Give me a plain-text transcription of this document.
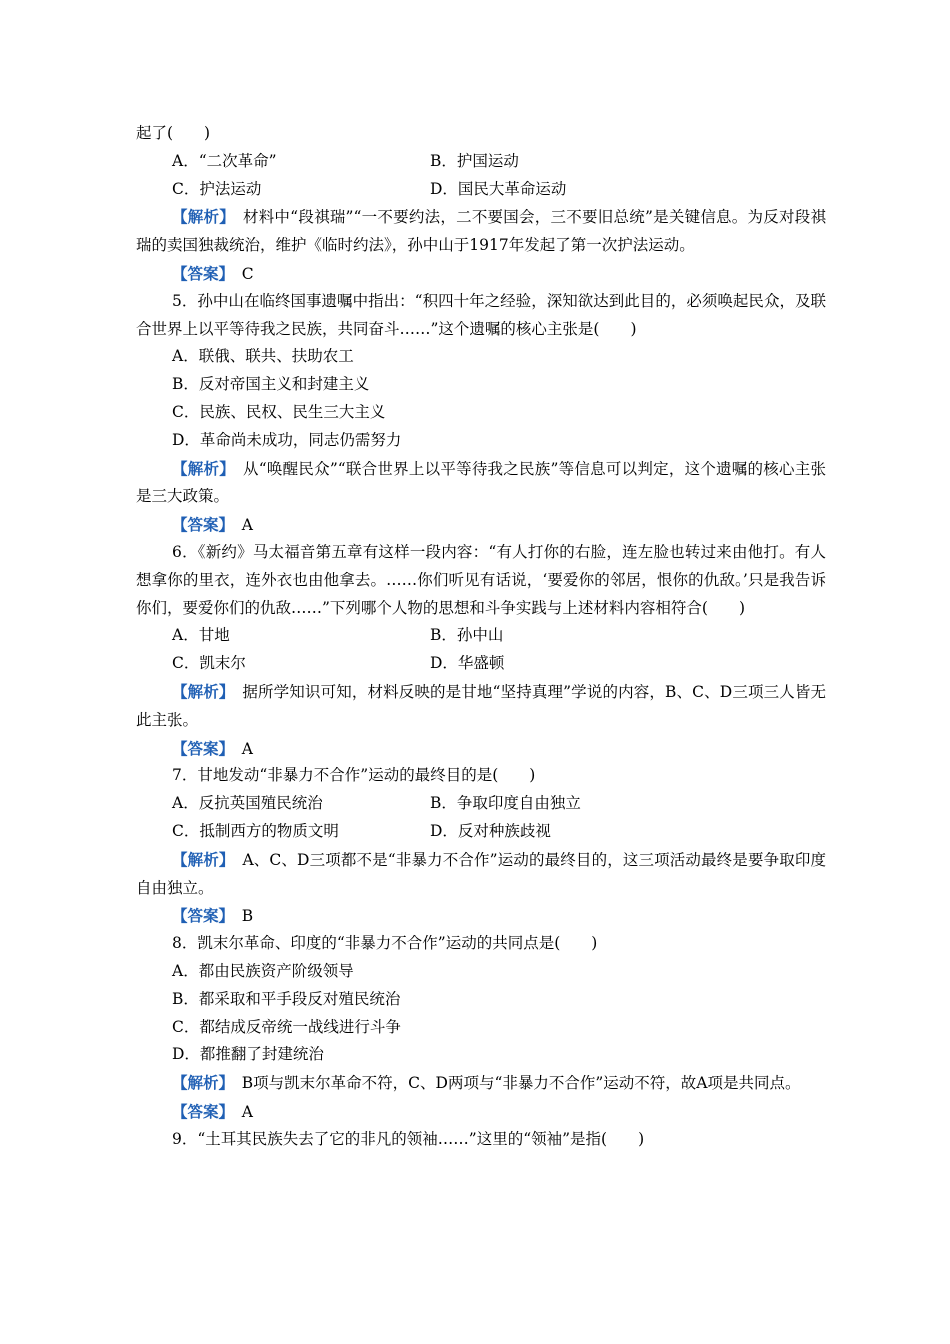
起了(　　)
A．“二次革命”	B．护国运动
C．护法运动	D．国民大革命运动

【解析】　材料中“段祺瑞”“一不要约法，二不要国会，三不要旧总统”是关键信息。为反对段祺瑞的卖国独裁统治，维护《临时约法》，孙中山于1917年发起了第一次护法运动。

【答案】　C

5．孙中山在临终国事遗嘱中指出：“积四十年之经验，深知欲达到此目的，必须唤起民众，及联合世界上以平等待我之民族，共同奋斗……”这个遗嘱的核心主张是(　　)

A．联俄、联共、扶助农工
B．反对帝国主义和封建主义
C．民族、民权、民生三大主义
D．革命尚未成功，同志仍需努力

【解析】　从“唤醒民众”“联合世界上以平等待我之民族”等信息可以判定，这个遗嘱的核心主张是三大政策。

【答案】　A

6．《新约》马太福音第五章有这样一段内容：“有人打你的右脸，连左脸也转过来由他打。有人想拿你的里衣，连外衣也由他拿去。……你们听见有话说，‘要爱你的邻居，恨你的仇敌。’只是我告诉你们，要爱你们的仇敌……”下列哪个人物的思想和斗争实践与上述材料内容相符合(　　)

A．甘地	B．孙中山
C．凯末尔	D．华盛顿

【解析】　据所学知识可知，材料反映的是甘地“坚持真理”学说的内容，B、C、D三项三人皆无此主张。

【答案】　A
7．甘地发动“非暴力不合作”运动的最终目的是(　　)
A．反抗英国殖民统治	B．争取印度自由独立
C．抵制西方的物质文明	D．反对种族歧视

【解析】　A、C、D三项都不是“非暴力不合作”运动的最终目的，这三项活动最终是要争取印度自由独立。

【答案】　B
8．凯末尔革命、印度的“非暴力不合作”运动的共同点是(　　)
A．都由民族资产阶级领导
B．都采取和平手段反对殖民统治
C．都结成反帝统一战线进行斗争
D．都推翻了封建统治

【解析】　B项与凯末尔革命不符，C、D两项与“非暴力不合作”运动不符，故A项是共同点。

【答案】　A
9．“土耳其民族失去了它的非凡的领袖……”这里的“领袖”是指(　　)
